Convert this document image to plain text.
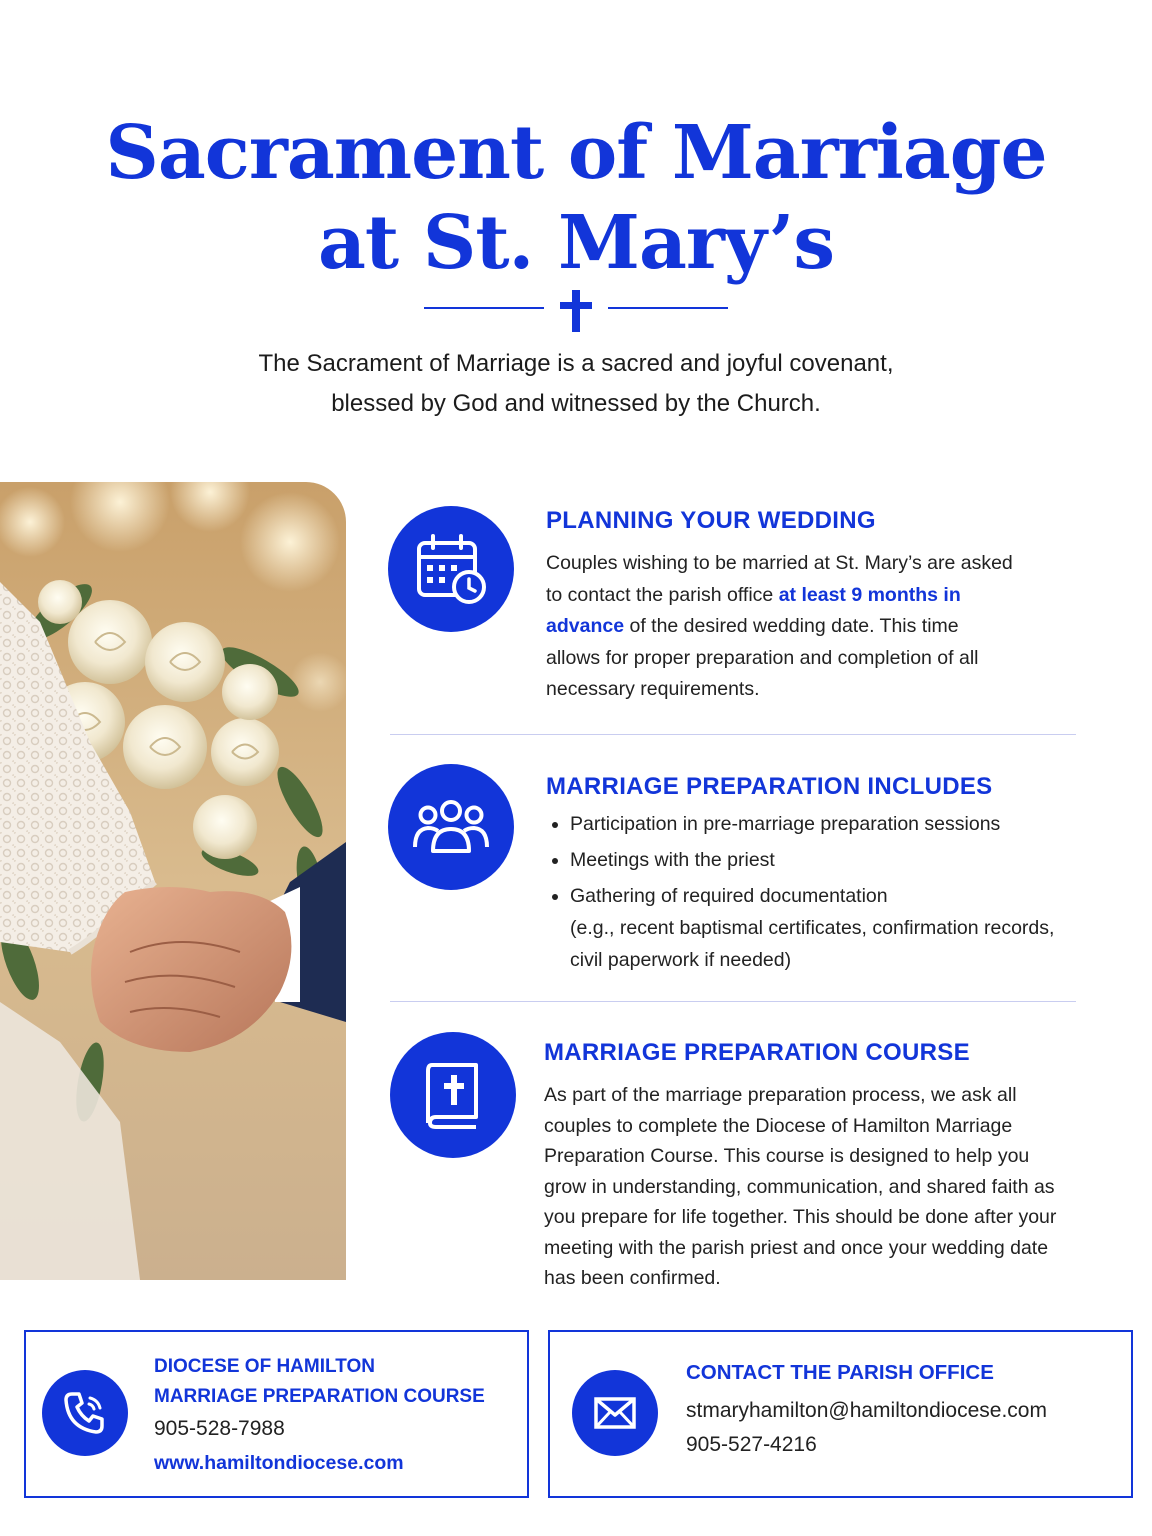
Sacrament of Marriage
at St. Mary’s
The Sacrament of Marriage is a sacred and joyful covenant,
blessed by God and witnessed by the Church.
PLANNING YOUR WEDDING

Couples wishing to be married at St. Mary’s are asked to contact the parish office at least 9 months in advance of the desired wedding date. This time allows for proper preparation and completion of all necessary requirements.

MARRIAGE PREPARATION INCLUDES
• Participation in pre-marriage preparation sessions
• Meetings with the priest
• Gathering of required documentation
(e.g., recent baptismal certificates, confirmation records, civil paperwork if needed)
MARRIAGE PREPARATION COURSE

As part of the marriage preparation process, we ask all couples to complete the Diocese of Hamilton Marriage Preparation Course. This course is designed to help you grow in understanding, communication, and shared faith as you prepare for life together. This should be done after your meeting with the parish priest and once your wedding date has been confirmed.

DIOCESE OF HAMILTON
MARRIAGE PREPARATION COURSE

905-528-7988

www.hamiltondiocese.com

CONTACT THE PARISH OFFICE

stmaryhamilton@hamiltondiocese.com

905-527-4216
